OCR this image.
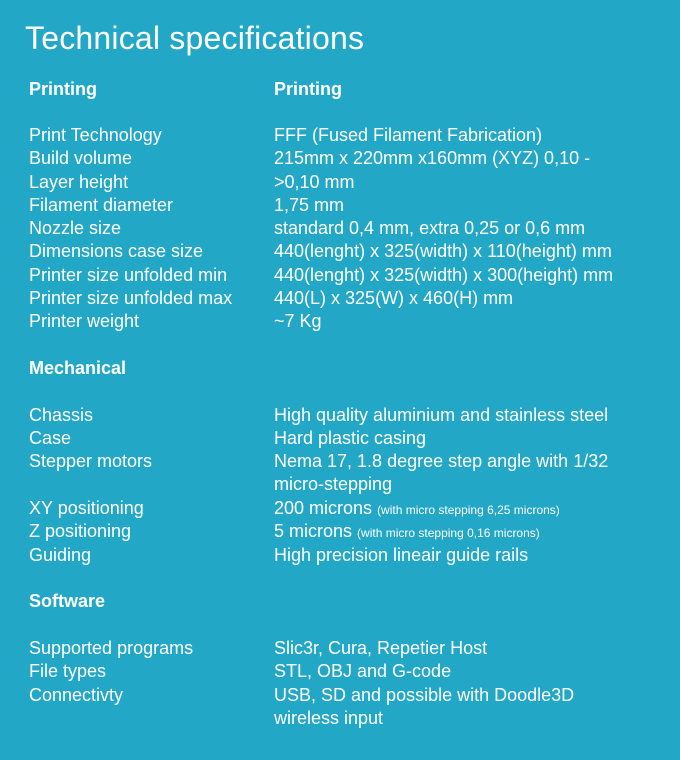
Technical specifications
Printing	Printing
Print Technology	FFF (Fused Filament Fabrication)
Build volume	215mm x 220mm x160mm (XYZ) 0,10 -
Layer height	>0,10 mm
Filament diameter	1,75 mm
Nozzle size	standard 0,4 mm, extra 0,25 or 0,6 mm
Dimensions case size	440(lenght) x 325(width) x 110(height) mm
Printer size unfolded min	440(lenght) x 325(width) x 300(height) mm
Printer size unfolded max 440(L) x 325(W) x 460(H) mm
Printer weight	~7 Kg
Mechanical
Chassis	High quality aluminium and stainless steel
Case	Hard plastic casing
Stepper motors	Nema 17, 1.8 degree step angle with 1/32
micro-stepping
XY positioning	200 microns (with micro stepping 6,25 microns)
Z positioning	5 microns (with micro stepping 0,16 microns)
Guiding	High precision lineair guide rails
Software
Supported programs	Slic3r, Cura, Repetier Host
File types	STL, OBJ and G-code
Connectivty	USB, SD and possible with Doodle3D
wireless input
